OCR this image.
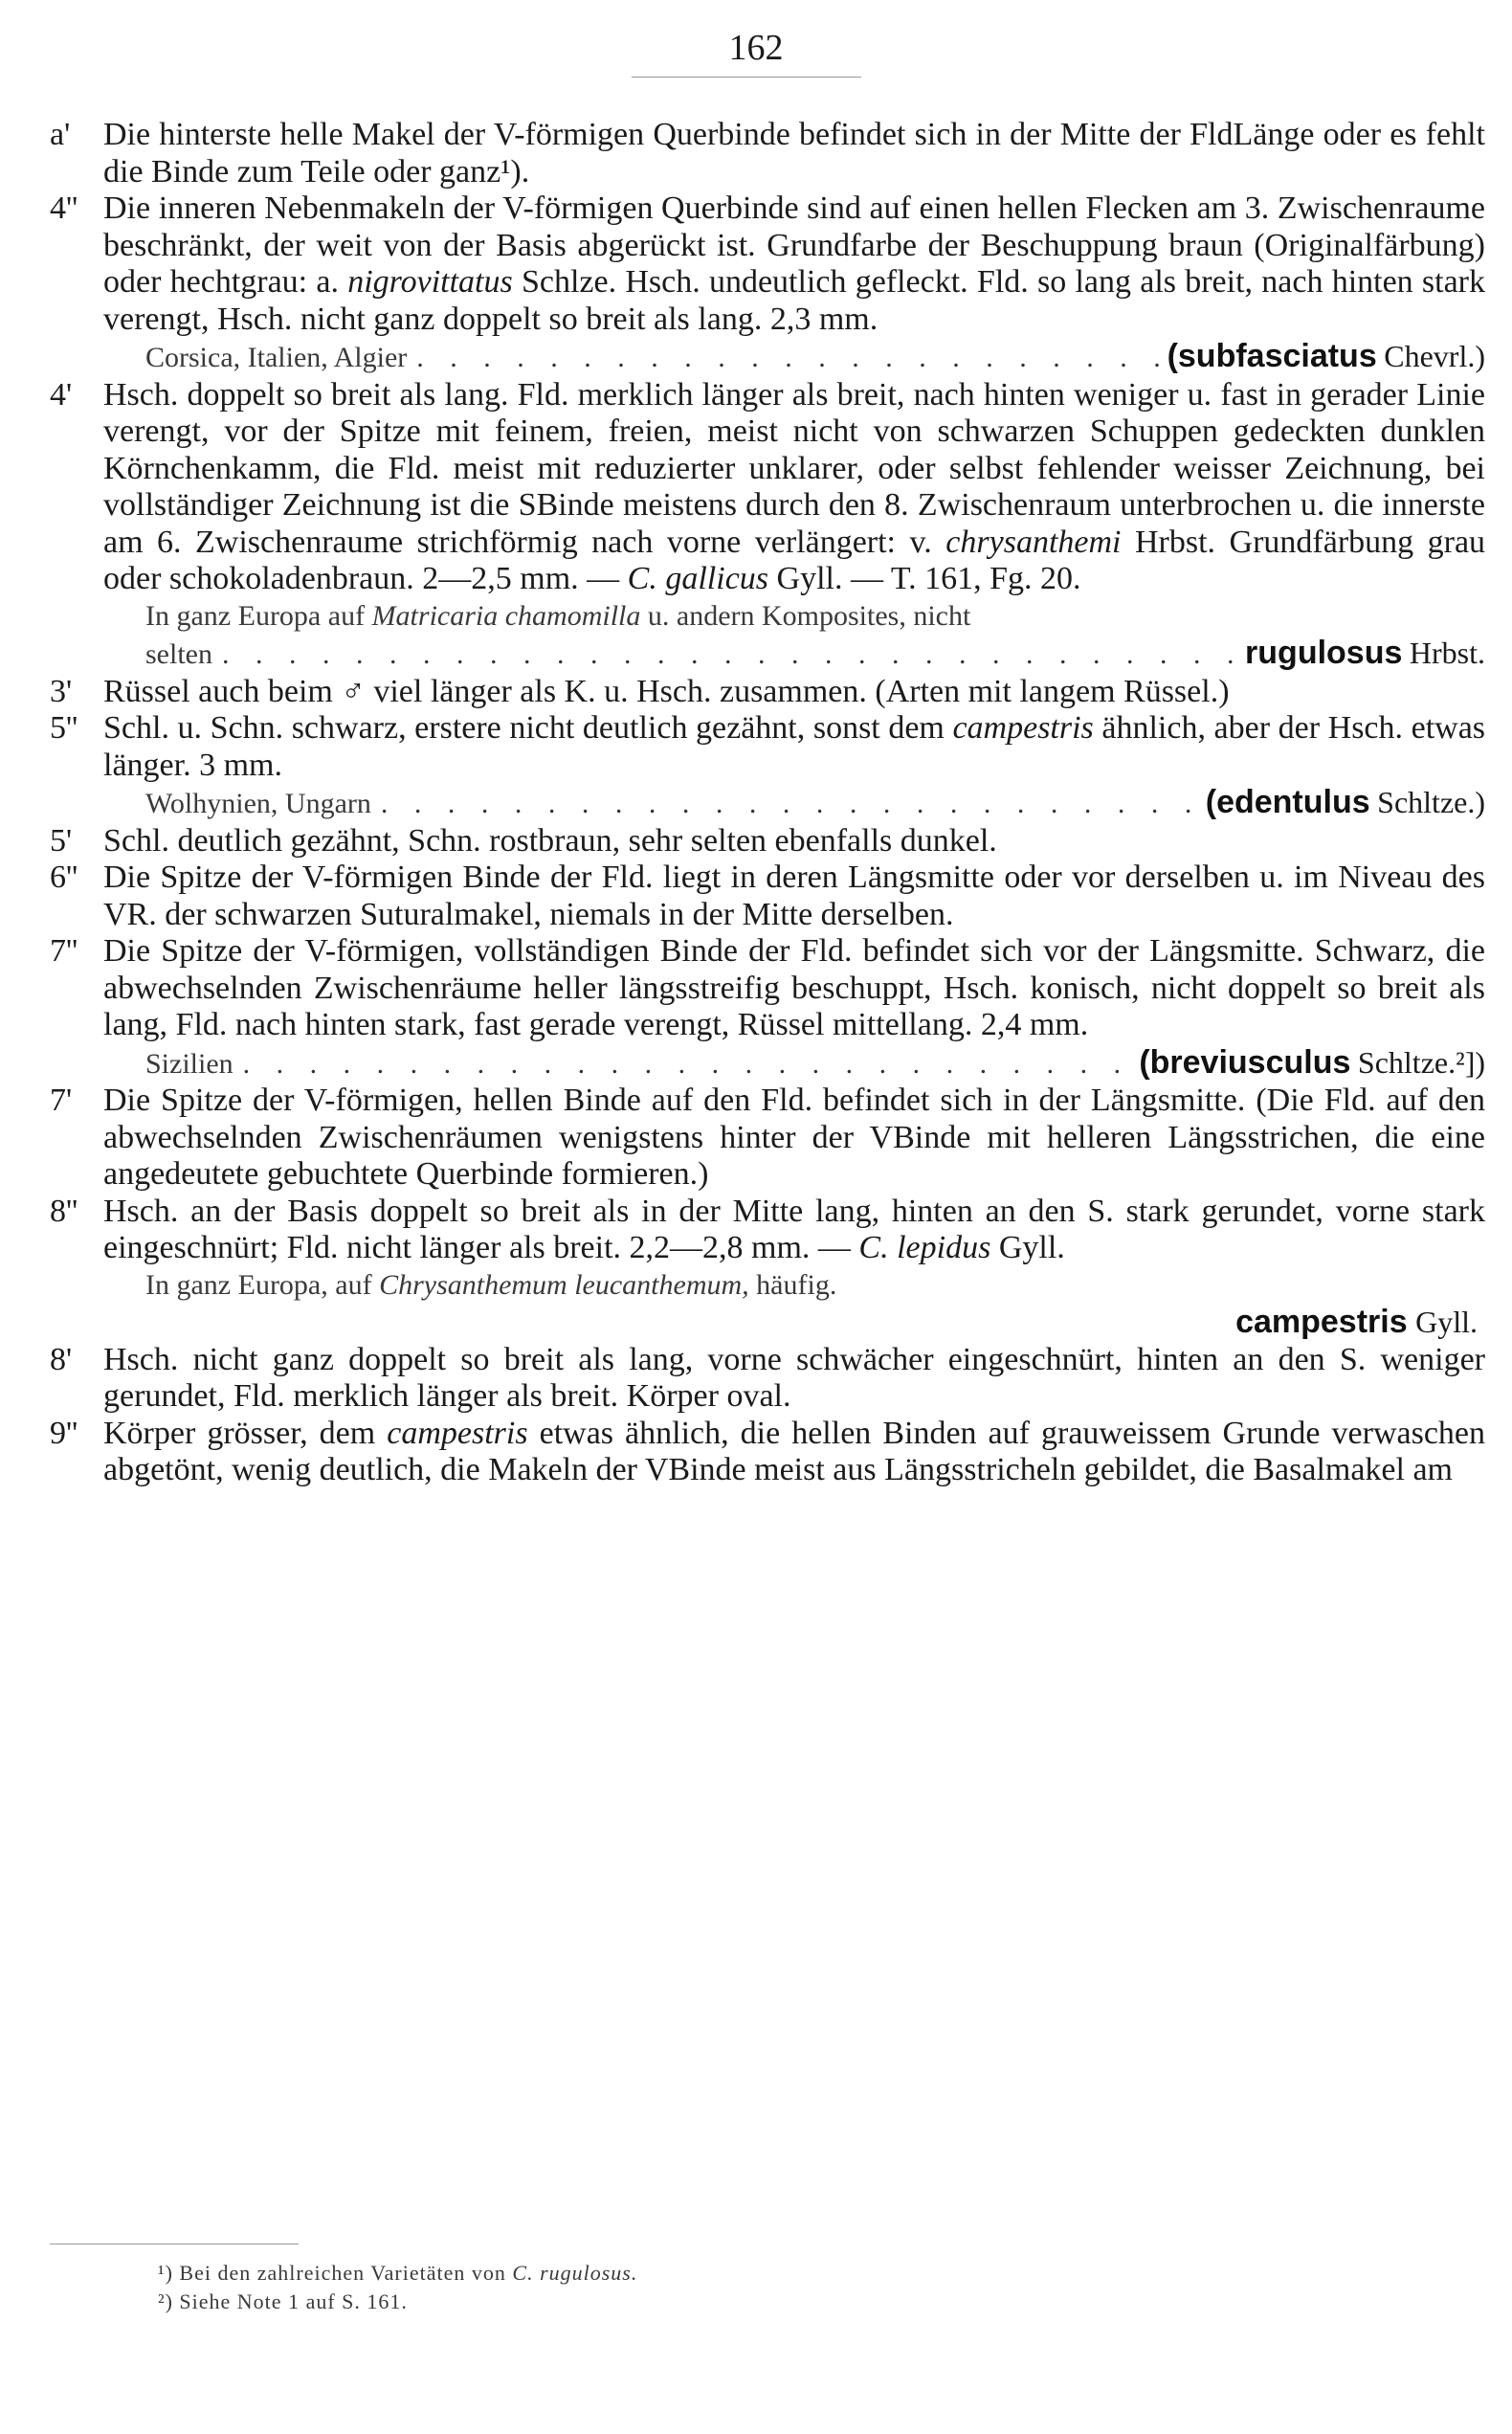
162
a'	Die hinterste helle Makel der V-förmigen Querbinde befindet sich in der Mitte der FldLänge oder es fehlt die Binde zum Teile oder ganz¹).
4'' Die inneren Nebenmakeln der V-förmigen Querbinde sind auf einen hellen Flecken am 3. Zwischenraume beschränkt, der weit von der Basis abgerückt ist. Grundfarbe der Beschuppung braun (Originalfärbung) oder hechtgrau: a. nigrovittatus Schlze. Hsch. undeutlich gefleckt. Fld. so lang als breit, nach hinten stark verengt, Hsch. nicht ganz doppelt so breit als lang. 2,3 mm.
Corsica, Italien, Algier . . .	(subfasciatus Chevrl.)
4' Hsch. doppelt so breit als lang. Fld. merklich länger als breit, nach hinten weniger u. fast in gerader Linie verengt, vor der Spitze mit feinem, freien, meist nicht von schwarzen Schuppen gedeckten dunklen Körnchenkamm, die Fld. meist mit reduzierter unklarer, oder selbst fehlender weisser Zeichnung, bei vollständiger Zeichnung ist die SBinde meistens durch den 8. Zwischenraum unterbrochen u. die innerste am 6. Zwischenraume strichförmig nach vorne verlängert: v. chrysanthemi Hrbst. Grundfärbung grau oder schokoladenbraun. 2—2,5 mm. — C. gallicus Gyll. — T. 161, Fg. 20.
In ganz Europa auf Matricaria chamomilla u. andern Komposites, nicht
selten . . .	rugulosus Hrbst.
3' Rüssel auch beim ♂ viel länger als K. u. Hsch. zusammen. (Arten mit langem Rüssel.)
5'' Schl. u. Schn. schwarz, erstere nicht deutlich gezähnt, sonst dem campestris ähnlich, aber der Hsch. etwas länger. 3 mm.
Wolhynien, Ungarn . . .	(edentulus Schltze.)
5' Schl. deutlich gezähnt, Schn. rostbraun, sehr selten ebenfalls dunkel.
6'' Die Spitze der V-förmigen Binde der Fld. liegt in deren Längsmitte oder vor derselben u. im Niveau des VR. der schwarzen Suturalmakel, niemals in der Mitte derselben.
7'' Die Spitze der V-förmigen, vollständigen Binde der Fld. befindet sich vor der Längsmitte. Schwarz, die abwechselnden Zwischenräume heller längsstreifig beschuppt, Hsch. konisch, nicht doppelt so breit als lang, Fld. nach hinten stark, fast gerade verengt, Rüssel mittellang. 2,4 mm.
Sizilien . . .	(breviusculus Schltze.²])
7' Die Spitze der V-förmigen, hellen Binde auf den Fld. befindet sich in der Längsmitte. (Die Fld. auf den abwechselnden Zwischenräumen wenigstens hinter der VBinde mit helleren Längsstrichen, die eine angedeutete gebuchtete Querbinde formieren.)
8'' Hsch. an der Basis doppelt so breit als in der Mitte lang, hinten an den S. stark gerundet, vorne stark eingeschnürt; Fld. nicht länger als breit. 2,2—2,8 mm. — C. lepidus Gyll.
In ganz Europa, auf Chrysanthemum leucanthemum, häufig.
campestris Gyll.
8' Hsch. nicht ganz doppelt so breit als lang, vorne schwächer eingeschnürt, hinten an den S. weniger gerundet, Fld. merklich länger als breit. Körper oval.
9'' Körper grösser, dem campestris etwas ähnlich, die hellen Binden auf grauweissem Grunde verwaschen abgetönt, wenig deutlich, die Makeln der VBinde meist aus Längsstricheln gebildet, die Basalmakel am
¹) Bei den zahlreichen Varietäten von C. rugulosus.
²) Siehe Note 1 auf S. 161.
